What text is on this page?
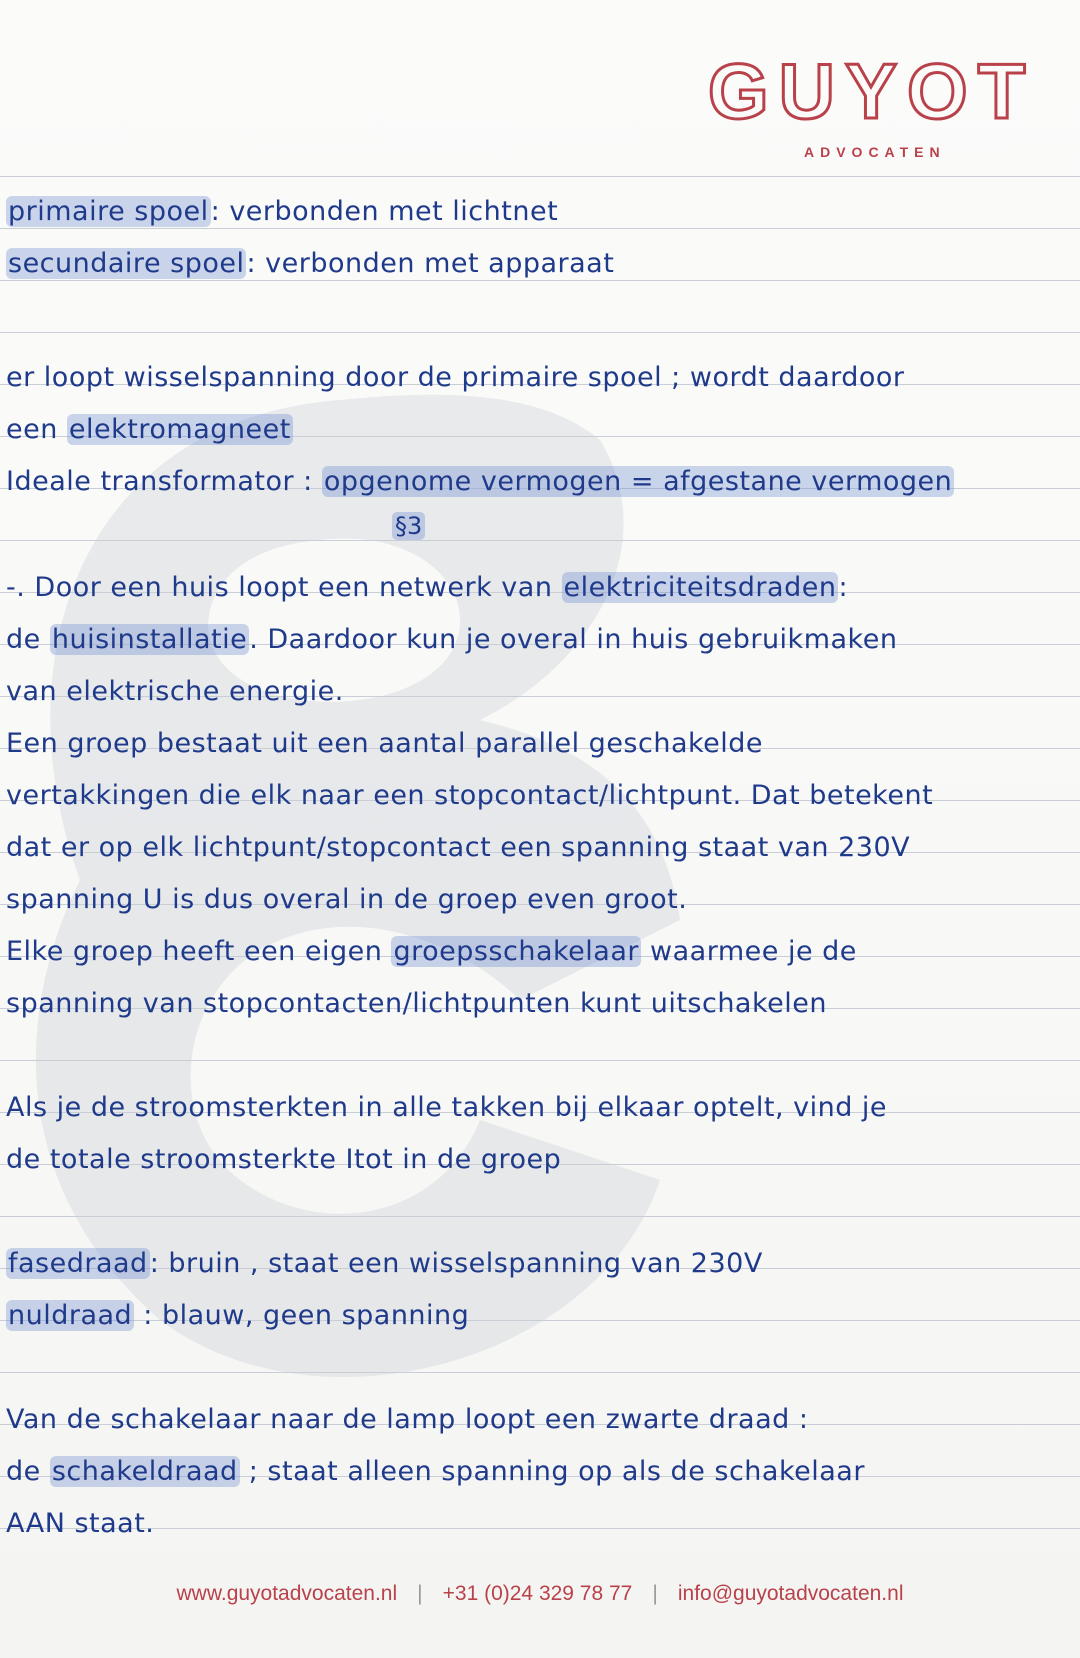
GUYOT
ADVOCATEN
primaire spoel: verbonden met lichtnet
secundaire spoel: verbonden met apparaat
er loopt wisselspanning door de primaire spoel ; wordt daardoor
een elektromagneet
Ideale transformator : opgenome vermogen = afgestane vermogen
§3
-. Door een huis loopt een netwerk van elektriciteitsdraden:
de huisinstallatie. Daardoor kun je overal in huis gebruikmaken
van elektrische energie.
Een groep bestaat uit een aantal parallel geschakelde
vertakkingen die elk naar een stopcontact/lichtpunt. Dat betekent
dat er op elk lichtpunt/stopcontact een spanning staat van 230V
spanning U is dus overal in de groep even groot.
Elke groep heeft een eigen groepsschakelaar waarmee je de
spanning van stopcontacten/lichtpunten kunt uitschakelen
Als je de stroomsterkten in alle takken bij elkaar optelt, vind je
de totale stroomsterkte Itot in de groep
fasedraad: bruin , staat een wisselspanning van 230V
nuldraad : blauw, geen spanning
Van de schakelaar naar de lamp loopt een zwarte draad :
de schakeldraad ; staat alleen spanning op als de schakelaar
AAN staat.
www.guyotadvocaten.nl | +31 (0)24 329 78 77 | info@guyotadvocaten.nl
